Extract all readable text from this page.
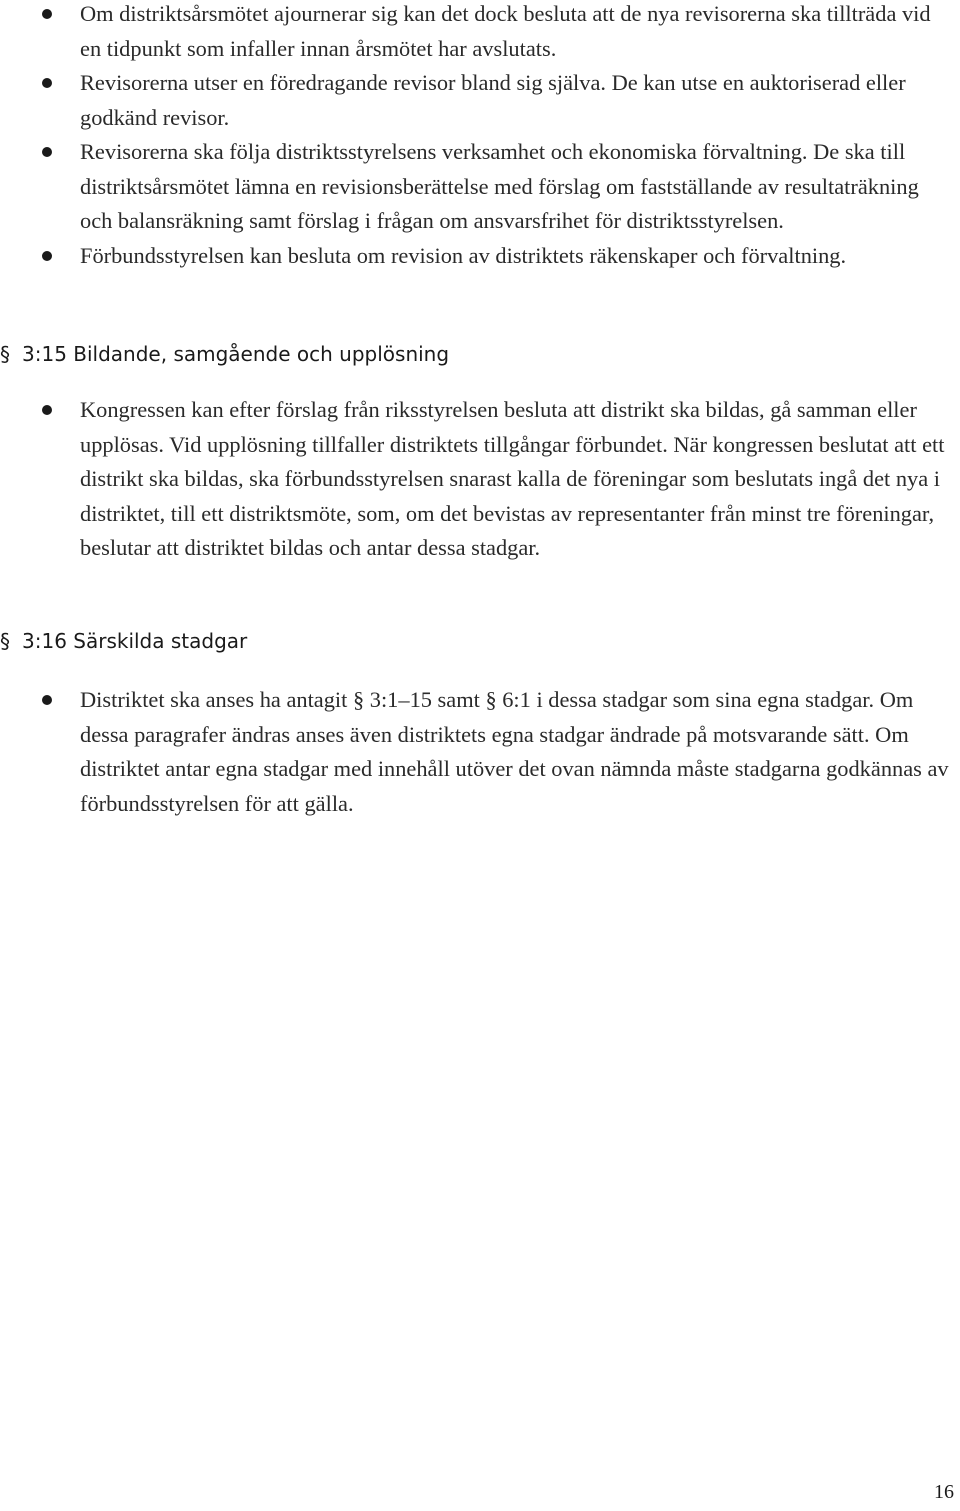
Om distriktsårsmötet ajournerar sig kan det dock besluta att de nya revisorerna ska tillträda vid en tidpunkt som infaller innan årsmötet har avslutats.
Revisorerna utser en föredragande revisor bland sig själva. De kan utse en auktoriserad eller godkänd revisor.
Revisorerna ska följa distriktsstyrelsens verksamhet och ekonomiska förvaltning. De ska till distriktsårsmötet lämna en revisionsberättelse med förslag om fastställande av resultaträkning och balansräkning samt förslag i frågan om ansvarsfrihet för distriktsstyrelsen.
Förbundsstyrelsen kan besluta om revision av distriktets räkenskaper och förvaltning.
§ 3:15 Bildande, samgående och upplösning
Kongressen kan efter förslag från riksstyrelsen besluta att distrikt ska bildas, gå samman eller upplösas. Vid upplösning tillfaller distriktets tillgångar förbundet. När kongressen beslutat att ett distrikt ska bildas, ska förbundsstyrelsen snarast kalla de föreningar som beslutats ingå det nya i distriktet, till ett distriktsmöte, som, om det bevistas av representanter från minst tre föreningar, beslutar att distriktet bildas och antar dessa stadgar.
§ 3:16 Särskilda stadgar
Distriktet ska anses ha antagit § 3:1–15 samt § 6:1 i dessa stadgar som sina egna stadgar. Om dessa paragrafer ändras anses även distriktets egna stadgar ändrade på motsvarande sätt. Om distriktet antar egna stadgar med innehåll utöver det ovan nämnda måste stadgarna godkännas av förbundsstyrelsen för att gälla.
16
